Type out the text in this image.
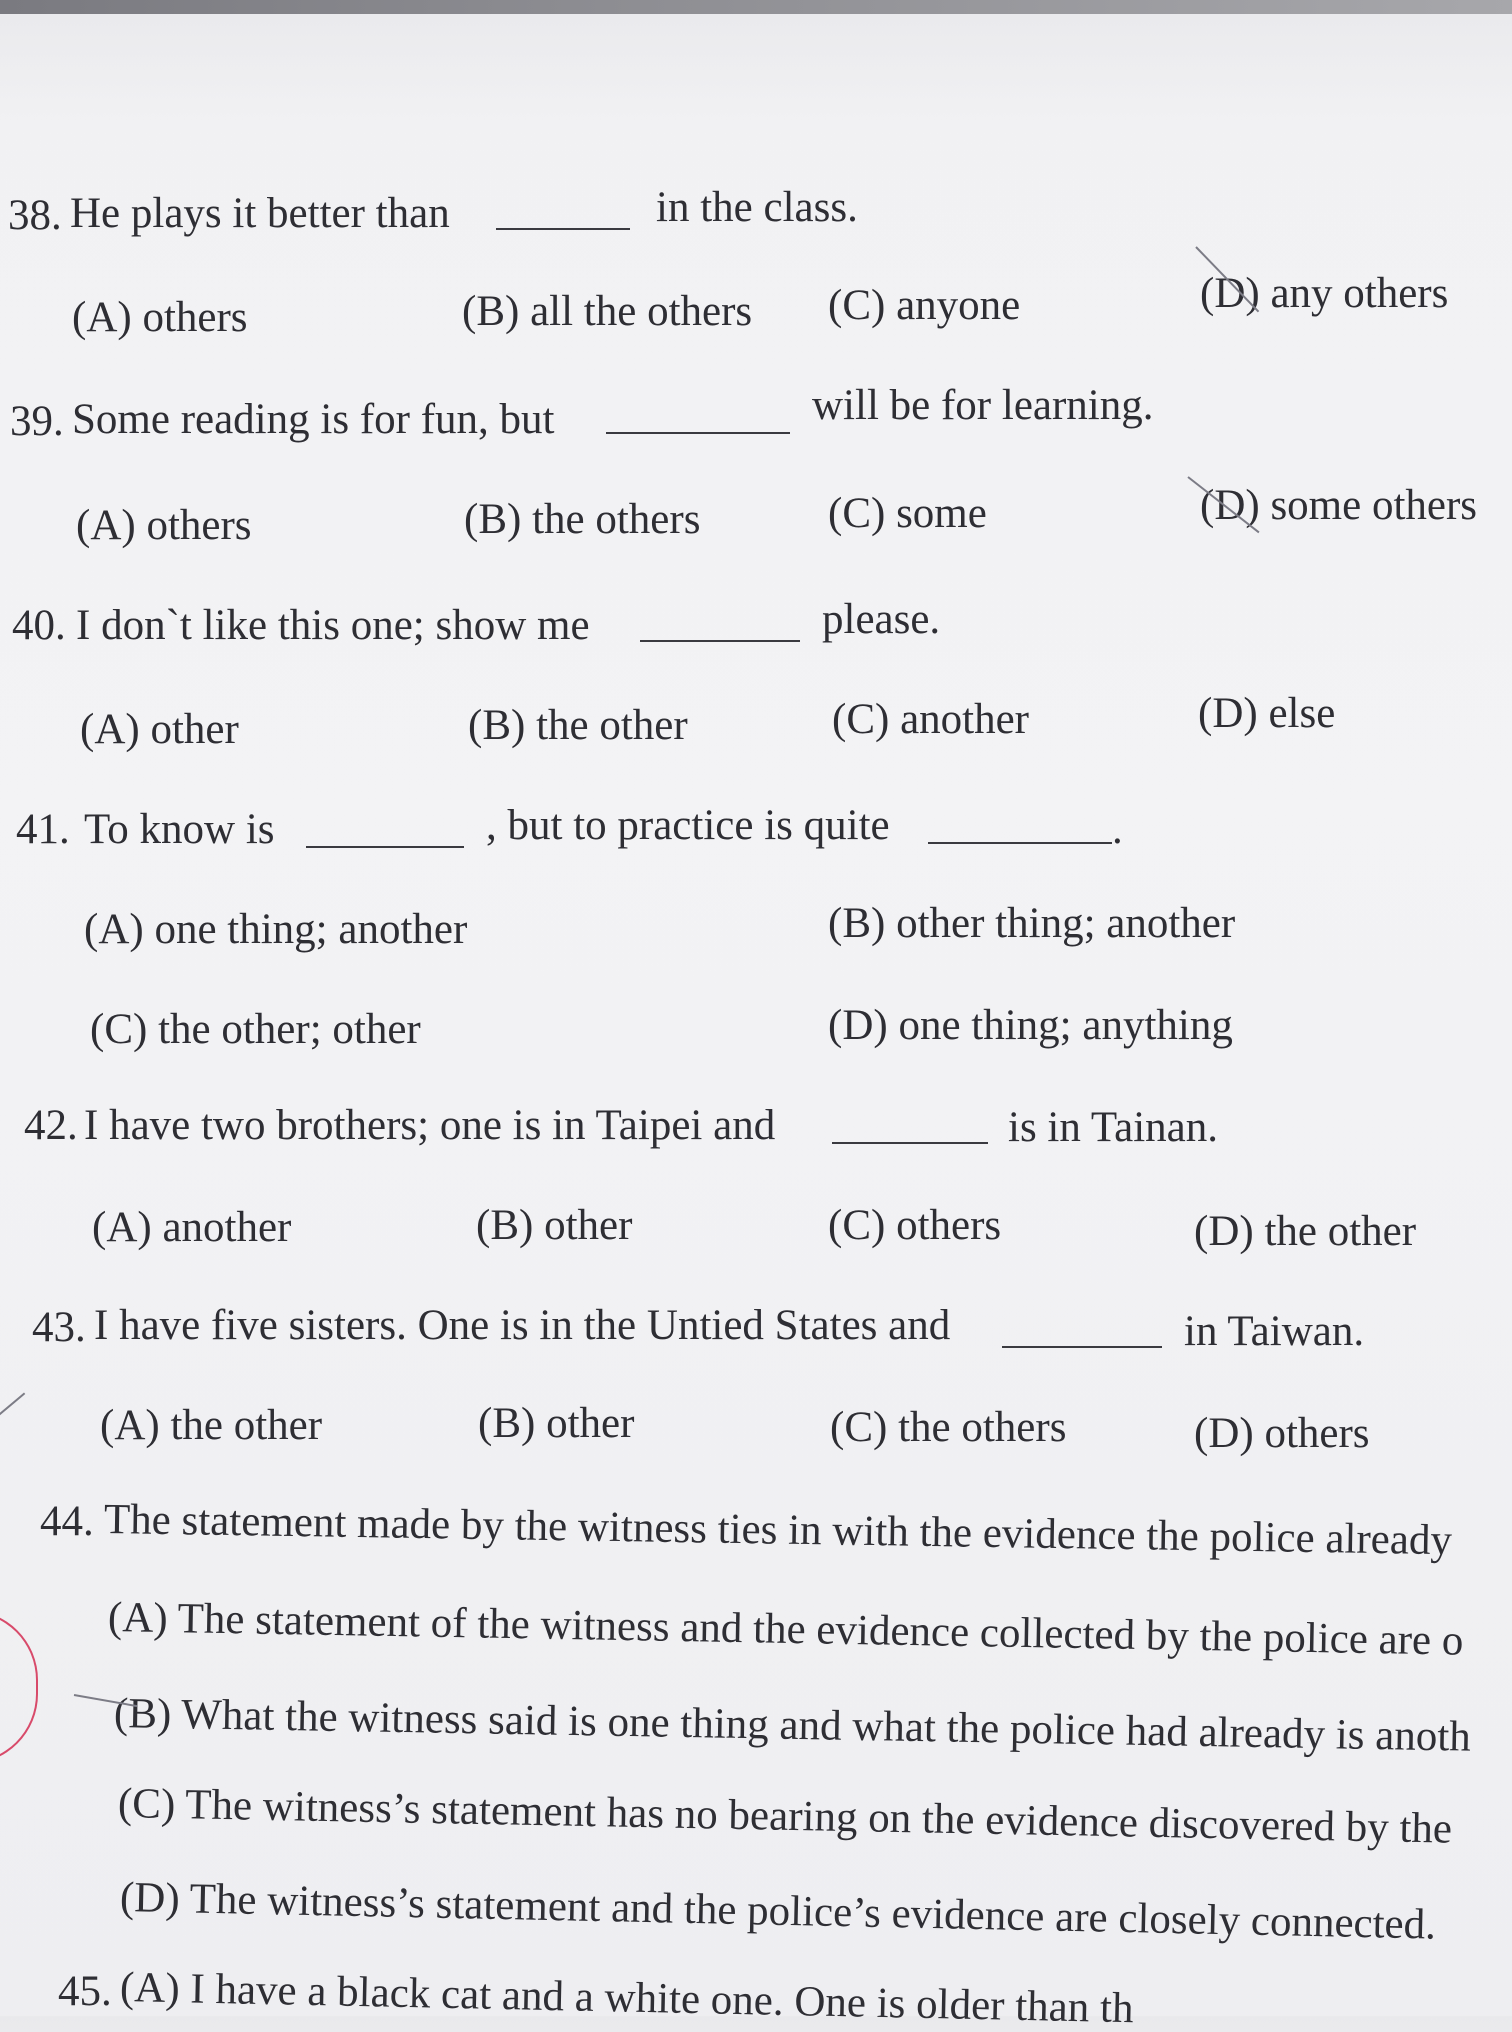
38. He plays it better than	in the class.
(A) others	(B) all the others (C) anyone	(D) any others
39. Some reading is for fun, but	will be for learning.
(A) others	(B) the others	(C) some	(D) some others
40. I don`t like this one; show me	please.
(A) other	(B) the other	(C) another	(D) else
41. To know is	, but to practice is quite	.
(A) one thing; another	(B) other thing; another
(C) the other; other	(D) one thing; anything
42. I have two brothers; one is in Taipei and	is in Tainan.
(A) another	(B) other	(C) others	(D) the other
43. I have five sisters. One is in the Untied States and	in Taiwan.
(A) the other	(B) other	(C) the others	(D) others
44. The statement made by the witness ties in with the evidence the police already
(A) The statement of the witness and the evidence collected by the police are o
(B) What the witness said is one thing and what the police had already is anoth
(C) The witness’s statement has no bearing on the evidence discovered by the
(D) The witness’s statement and the police’s evidence are closely connected.
45. (A) I have a black cat and a white one. One is older than th
